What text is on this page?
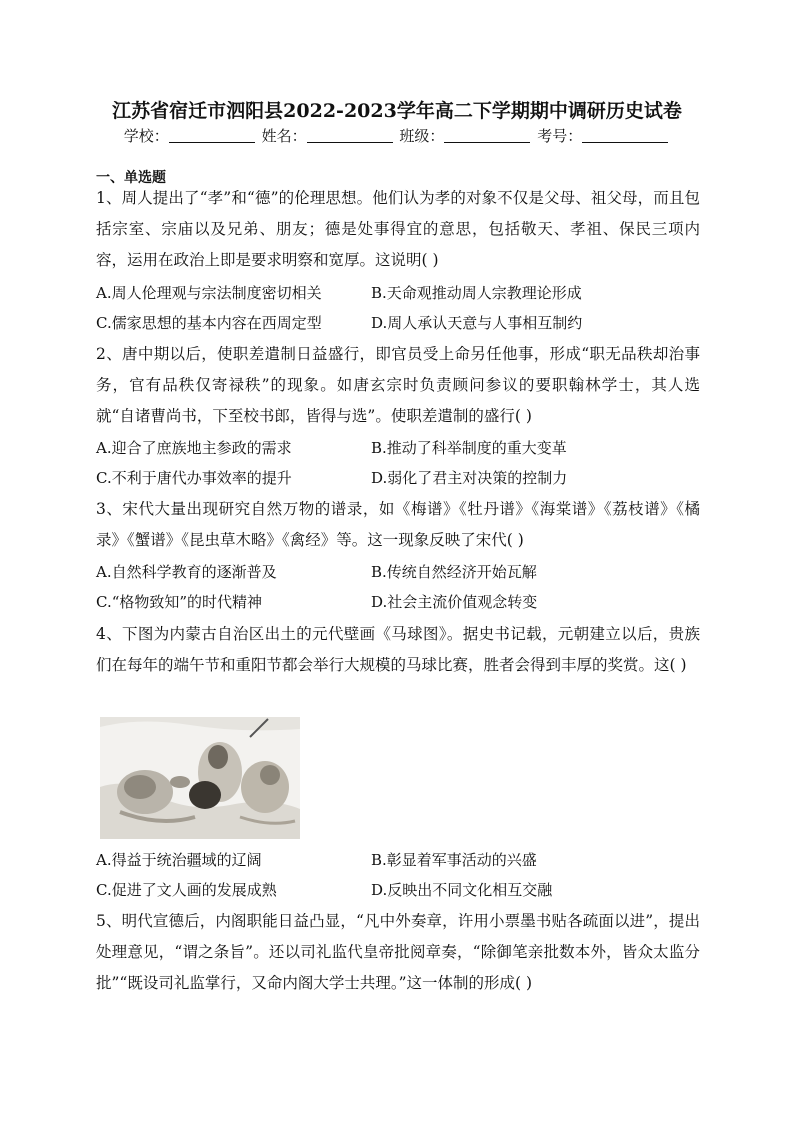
江苏省宿迁市泗阳县2022-2023学年高二下学期期中调研历史试卷
学校：	姓名：	班级：	考号：
一、单选题
1、周人提出了“孝”和“德”的伦理思想。他们认为孝的对象不仅是父母、祖父母，而且包括宗室、宗庙以及兄弟、朋友；德是处事得宜的意思，包括敬天、孝祖、保民三项内容，运用在政治上即是要求明察和宽厚。这说明( )
A.周人伦理观与宗法制度密切相关	B.天命观推动周人宗教理论形成
C.儒家思想的基本内容在西周定型	D.周人承认天意与人事相互制约
2、唐中期以后，使职差遣制日益盛行，即官员受上命另任他事，形成“职无品秩却治事务，官有品秩仅寄禄秩”的现象。如唐玄宗时负责顾问参议的要职翰林学士，其人选就“自诸曹尚书，下至校书郎，皆得与选”。使职差遣制的盛行( )
A.迎合了庶族地主参政的需求	B.推动了科举制度的重大变革
C.不利于唐代办事效率的提升	D.弱化了君主对决策的控制力
3、宋代大量出现研究自然万物的谱录，如《梅谱》《牡丹谱》《海棠谱》《荔枝谱》《橘录》《蟹谱》《昆虫草木略》《禽经》等。这一现象反映了宋代( )
A.自然科学教育的逐渐普及	B.传统自然经济开始瓦解
C.“格物致知”的时代精神	D.社会主流价值观念转变
4、下图为内蒙古自治区出土的元代壁画《马球图》。据史书记载，元朝建立以后，贵族们在每年的端午节和重阳节都会举行大规模的马球比赛，胜者会得到丰厚的奖赏。这( )
A.得益于统治疆域的辽阔	B.彰显着军事活动的兴盛
C.促进了文人画的发展成熟	D.反映出不同文化相互交融
5、明代宣德后，内阁职能日益凸显，“凡中外奏章，许用小票墨书贴各疏面以进”，提出处理意见，“谓之条旨”。还以司礼监代皇帝批阅章奏，“除御笔亲批数本外，皆众太监分批”“既设司礼监掌行，又命内阁大学士共理。”这一体制的形成( )
